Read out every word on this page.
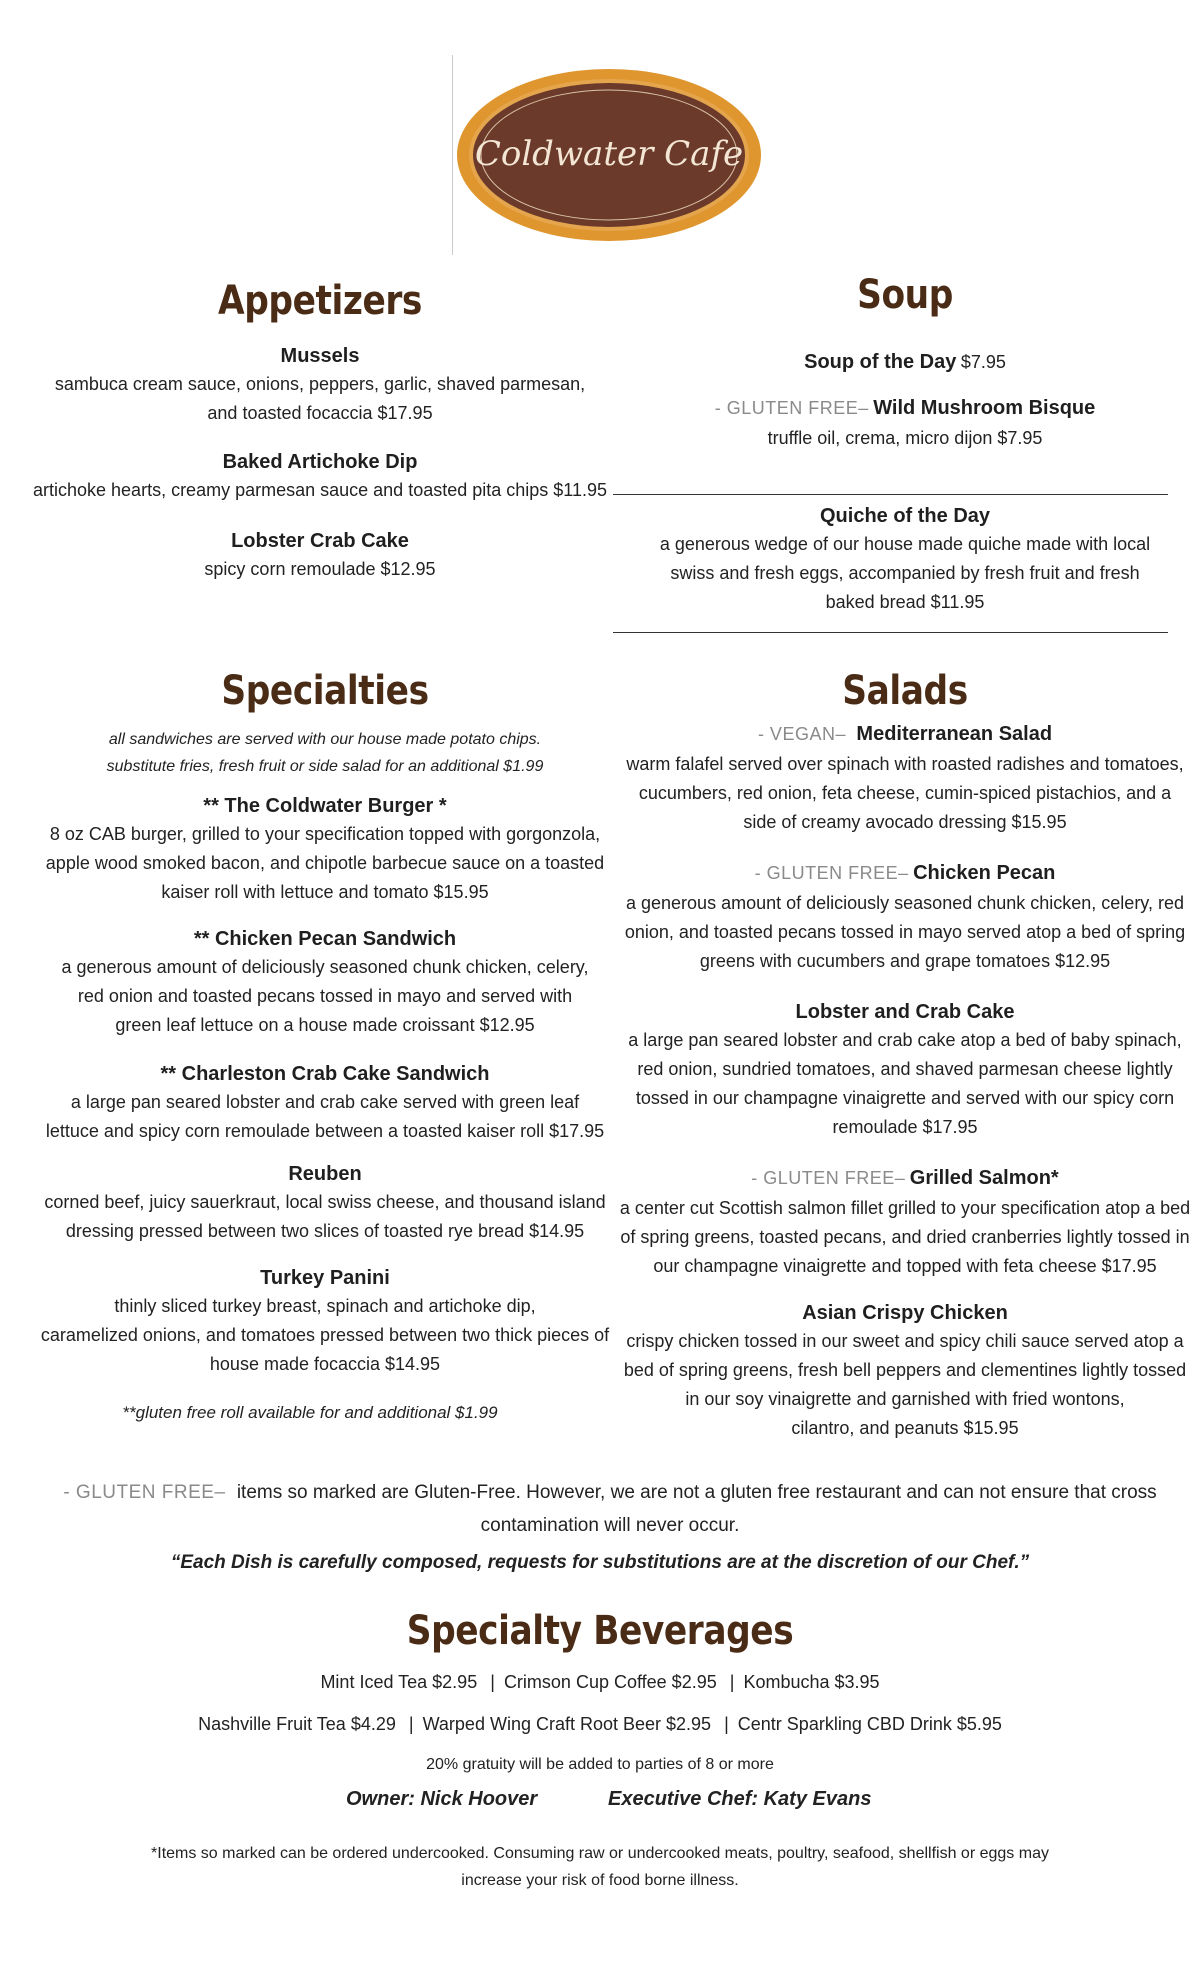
Coldwater Cafe
Appetizers
Mussels
sambuca cream sauce, onions, peppers, garlic, shaved parmesan,
and toasted focaccia $17.95
Baked Artichoke Dip
artichoke hearts, creamy parmesan sauce and toasted pita chips $11.95
Lobster Crab Cake
spicy corn remoulade $12.95
Soup
Soup of the Day $7.95
- GLUTEN FREE– Wild Mushroom Bisque
truffle oil, crema, micro dijon $7.95
Quiche of the Day
a generous wedge of our house made quiche made with local
swiss and fresh eggs, accompanied by fresh fruit and fresh
baked bread $11.95
Specialties
all sandwiches are served with our house made potato chips.
substitute fries, fresh fruit or side salad for an additional $1.99
** The Coldwater Burger *
8 oz CAB burger, grilled to your specification topped with gorgonzola,
apple wood smoked bacon, and chipotle barbecue sauce on a toasted
kaiser roll with lettuce and tomato $15.95
** Chicken Pecan Sandwich
a generous amount of deliciously seasoned chunk chicken, celery,
red onion and toasted pecans tossed in mayo and served with
green leaf lettuce on a house made croissant $12.95
** Charleston Crab Cake Sandwich
a large pan seared lobster and crab cake served with green leaf
lettuce and spicy corn remoulade between a toasted kaiser roll $17.95
Reuben
corned beef, juicy sauerkraut, local swiss cheese, and thousand island
dressing pressed between two slices of toasted rye bread $14.95
Turkey Panini
thinly sliced turkey breast, spinach and artichoke dip,
caramelized onions, and tomatoes pressed between two thick pieces of
house made focaccia $14.95
**gluten free roll available for and additional $1.99
Salads
- VEGAN– Mediterranean Salad
warm falafel served over spinach with roasted radishes and tomatoes,
cucumbers, red onion, feta cheese, cumin-spiced pistachios, and a
side of creamy avocado dressing $15.95
- GLUTEN FREE– Chicken Pecan
a generous amount of deliciously seasoned chunk chicken, celery, red
onion, and toasted pecans tossed in mayo served atop a bed of spring
greens with cucumbers and grape tomatoes $12.95
Lobster and Crab Cake
a large pan seared lobster and crab cake atop a bed of baby spinach,
red onion, sundried tomatoes, and shaved parmesan cheese lightly
tossed in our champagne vinaigrette and served with our spicy corn
remoulade $17.95
- GLUTEN FREE– Grilled Salmon*
a center cut Scottish salmon fillet grilled to your specification atop a bed
of spring greens, toasted pecans, and dried cranberries lightly tossed in
our champagne vinaigrette and topped with feta cheese $17.95
Asian Crispy Chicken
crispy chicken tossed in our sweet and spicy chili sauce served atop a
bed of spring greens, fresh bell peppers and clementines lightly tossed
in our soy vinaigrette and garnished with fried wontons,
cilantro, and peanuts $15.95
- GLUTEN FREE– items so marked are Gluten-Free. However, we are not a gluten free restaurant and can not ensure that cross
contamination will never occur.
“Each Dish is carefully composed, requests for substitutions are at the discretion of our Chef.”
Specialty Beverages
Mint Iced Tea $2.95 | Crimson Cup Coffee $2.95 | Kombucha $3.95
Nashville Fruit Tea $4.29 | Warped Wing Craft Root Beer $2.95 | Centr Sparkling CBD Drink $5.95
20% gratuity will be added to parties of 8 or more
Owner: Nick Hoover	Executive Chef: Katy Evans
*Items so marked can be ordered undercooked. Consuming raw or undercooked meats, poultry, seafood, shellfish or eggs may
increase your risk of food borne illness.
